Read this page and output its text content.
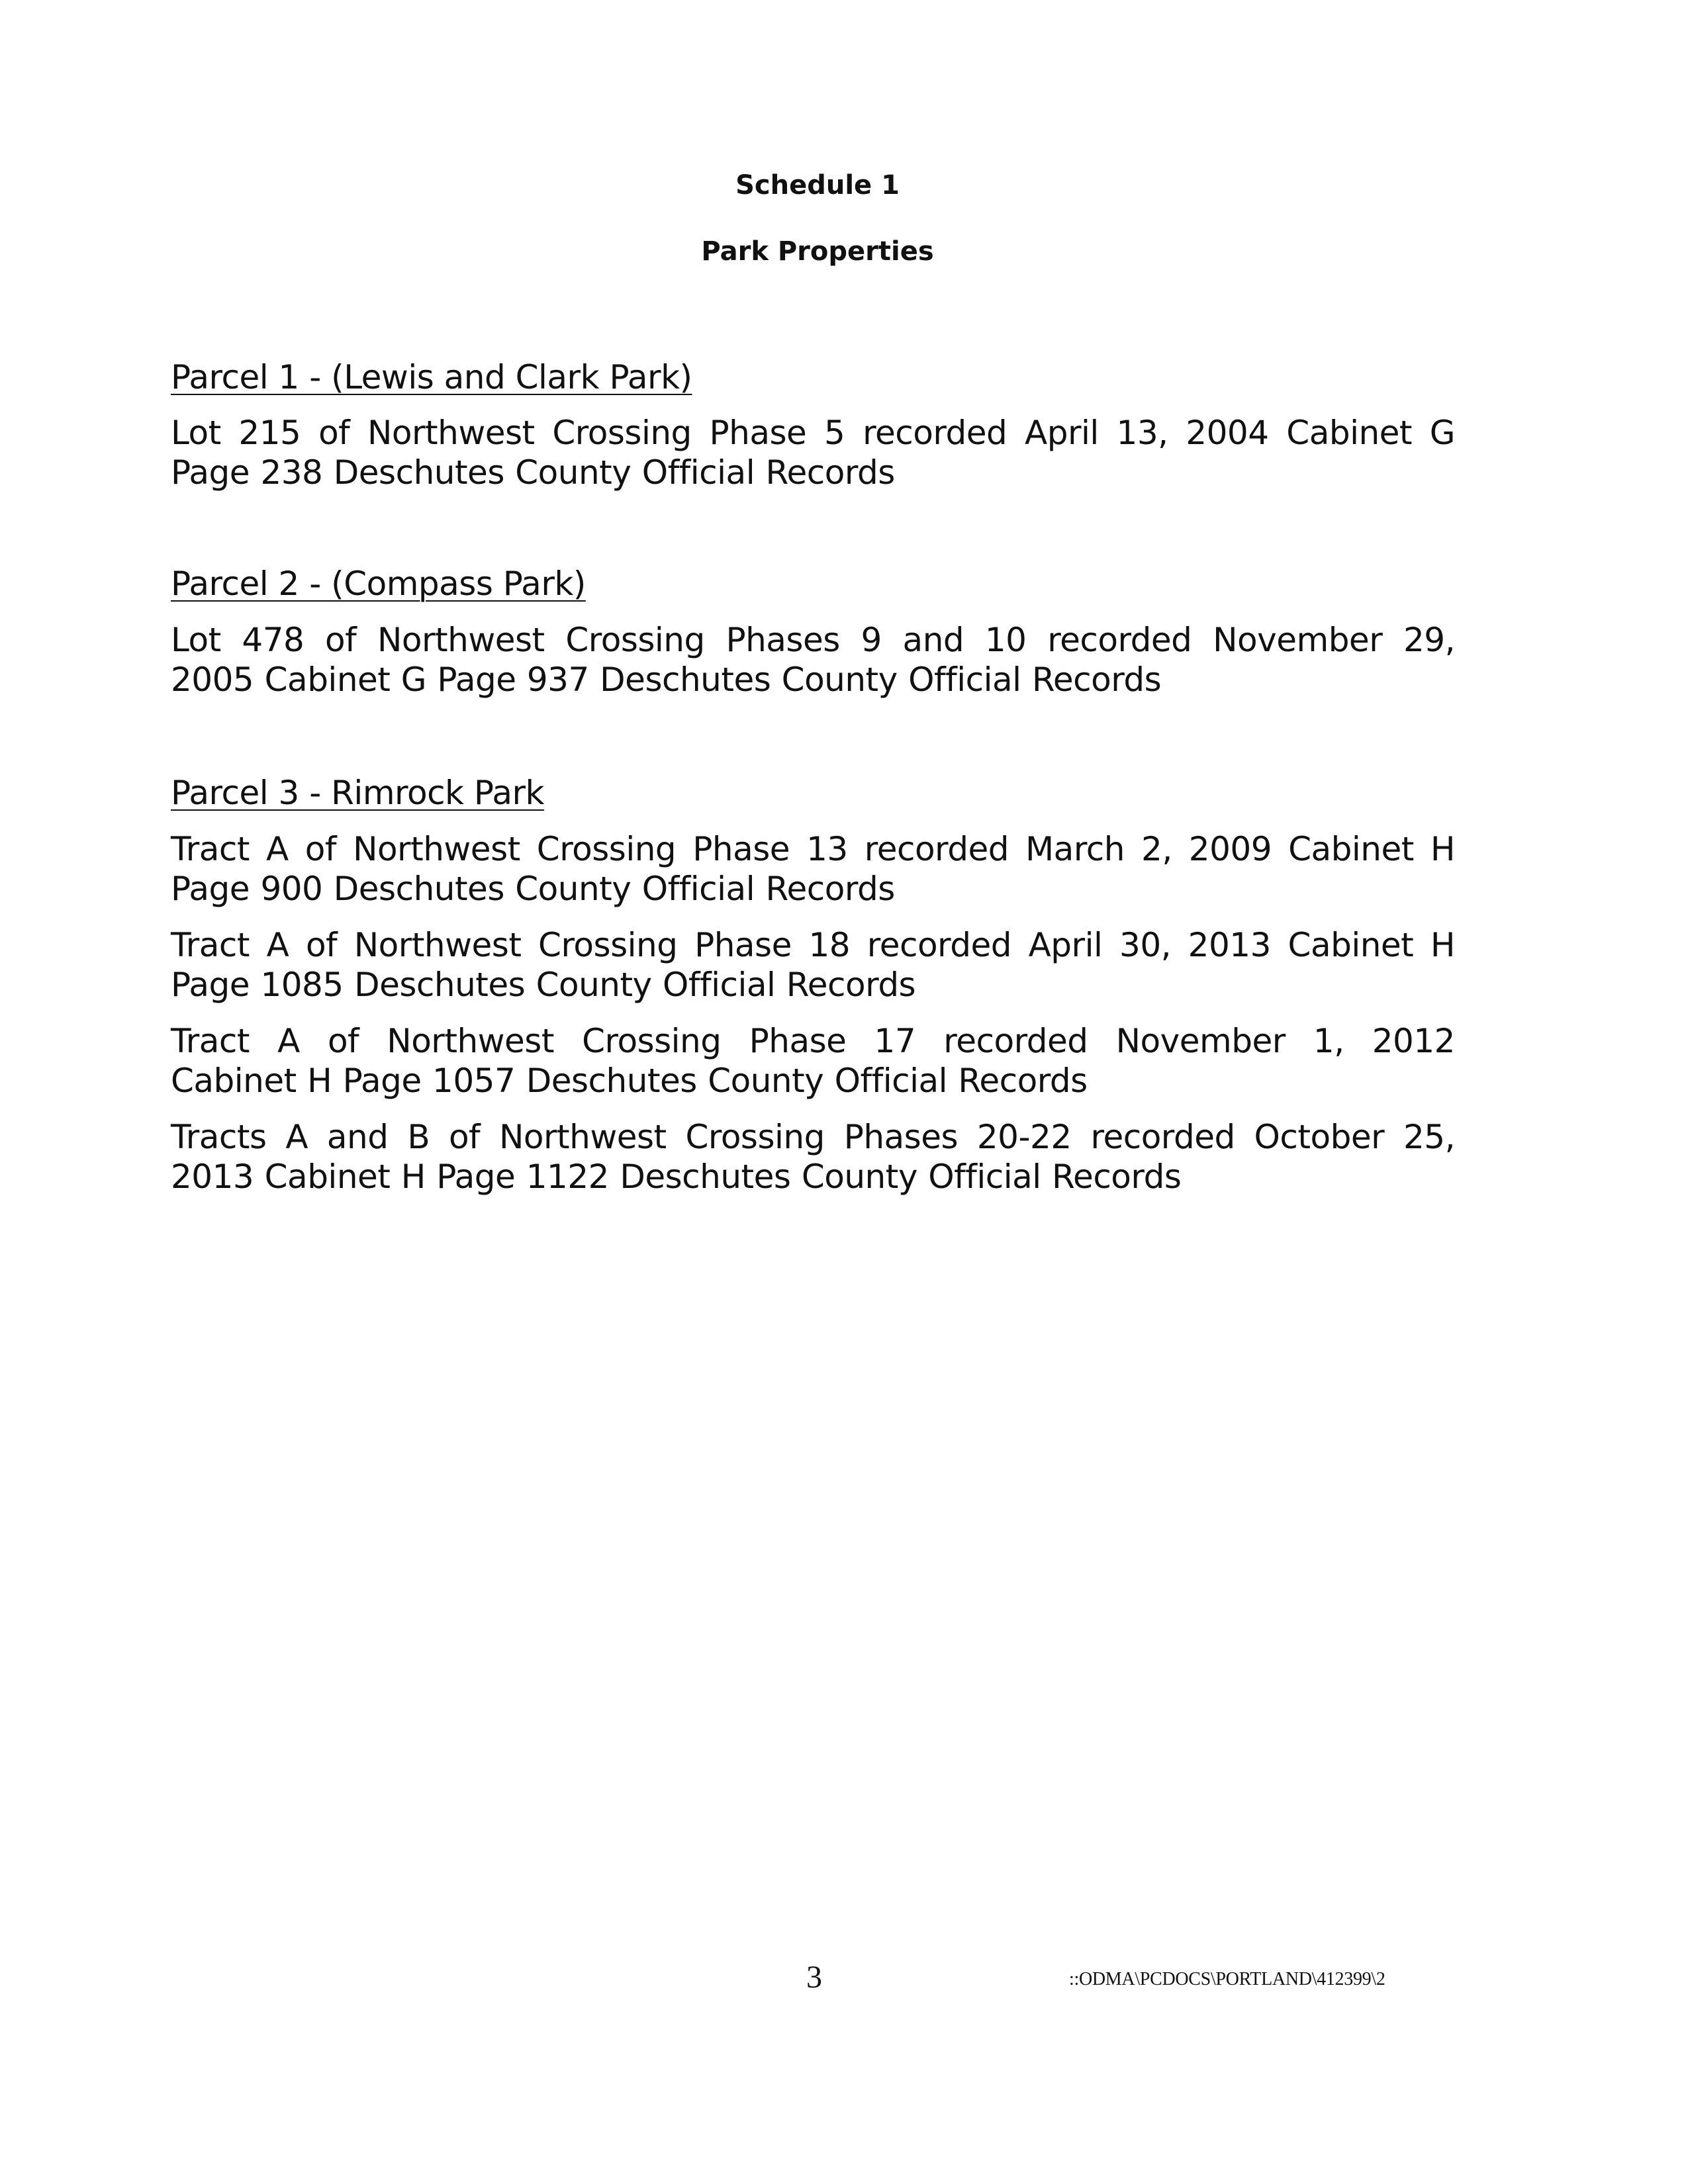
Schedule 1
Park Properties

Parcel 1 - (Lewis and Clark Park)

Lot 215 of Northwest Crossing Phase 5 recorded April 13, 2004 Cabinet G
Page 238 Deschutes County Official Records

Parcel 2 - (Compass Park)

Lot 478 of Northwest Crossing Phases 9 and 10 recorded November 29,
2005 Cabinet G Page 937 Deschutes County Official Records

Parcel 3 - Rimrock Park

Tract A of Northwest Crossing Phase 13 recorded March 2, 2009 Cabinet H
Page 900 Deschutes County Official Records

Tract A of Northwest Crossing Phase 18 recorded April 30, 2013 Cabinet H
Page 1085 Deschutes County Official Records

Tract A of Northwest Crossing Phase 17 recorded November 1, 2012
Cabinet H Page 1057 Deschutes County Official Records

Tracts A and B of Northwest Crossing Phases 20-22 recorded October 25,
2013 Cabinet H Page 1122 Deschutes County Official Records

3	::ODMA\PCDOCS\PORTLAND\412399\2
